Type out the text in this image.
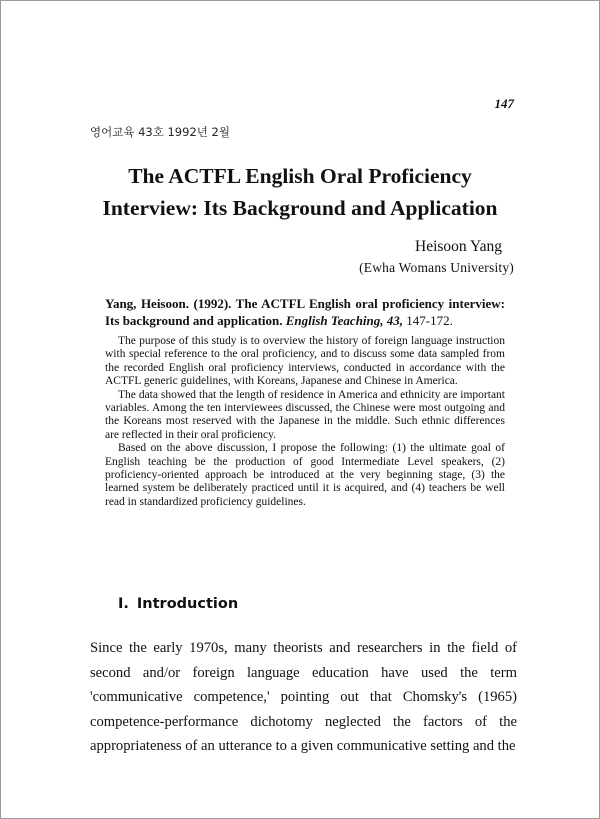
147
영어교육 43호 1992년 2월
The ACTFL English Oral Proficiency
Interview: Its Background and Application
Heisoon Yang
(Ewha Womans University)

Yang, Heisoon. (1992). The ACTFL English oral proficiency interview: Its background and application. English Teaching, 43, 147-172.

The purpose of this study is to overview the history of foreign language instruction with special reference to the oral proficiency, and to discuss some data sampled from the recorded English oral proficiency interviews, conducted in accordance with the ACTFL generic guidelines, with Koreans, Japanese and Chinese in America.

The data showed that the length of residence in America and ethnicity are important variables. Among the ten interviewees discussed, the Chinese were most outgoing and the Koreans most reserved with the Japanese in the middle. Such ethnic differences are reflected in their oral proficiency.

Based on the above discussion, I propose the following: (1) the ultimate goal of English teaching be the production of good Intermediate Level speakers, (2) proficiency-oriented approach be introduced at the very beginning stage, (3) the learned system be deliberately practiced until it is acquired, and (4) teachers be well read in standardized proficiency guidelines.

I. Introduction

Since the early 1970s, many theorists and researchers in the field of second and/or foreign language education have used the term 'communicative competence,' pointing out that Chomsky's (1965) competence-performance dichotomy neglected the factors of the appropriateness of an utterance to a given communicative setting and the
